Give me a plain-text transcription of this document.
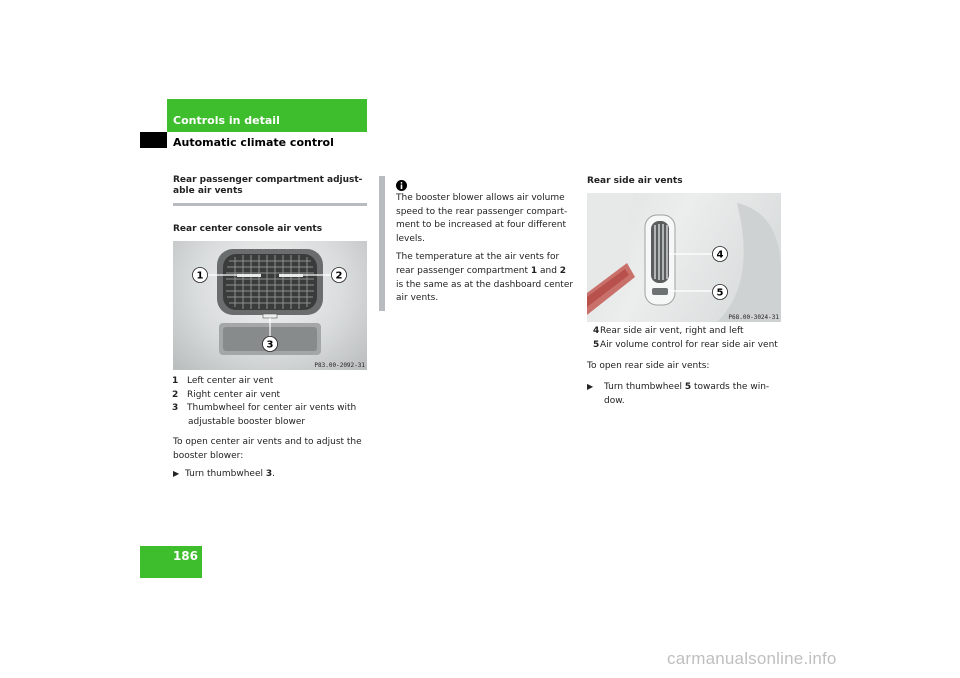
Controls in detail
Automatic climate control
Rear passenger compartment adjust-able air vents
Rear center console air vents
1	2
3
P83.00-2092-31
1 Left center air vent
2 Right center air vent
3 Thumbwheel for center air vents with adjustable booster blower
To open center air vents and to adjust the booster blower:
▶ Turn thumbwheel 3.
The booster blower allows air volume speed to the rear passenger compart-ment to be increased at four different levels.
The temperature at the air vents for rear passenger compartment 1 and 2 is the same as at the dashboard center air vents.
Rear side air vents
4
5
P68.00-3024-31
4Rear side air vent, right and left
5Air volume control for rear side air vent
To open rear side air vents:
▶ Turn thumbwheel 5 towards the win-
dow.
186
carmanualsonline.info
